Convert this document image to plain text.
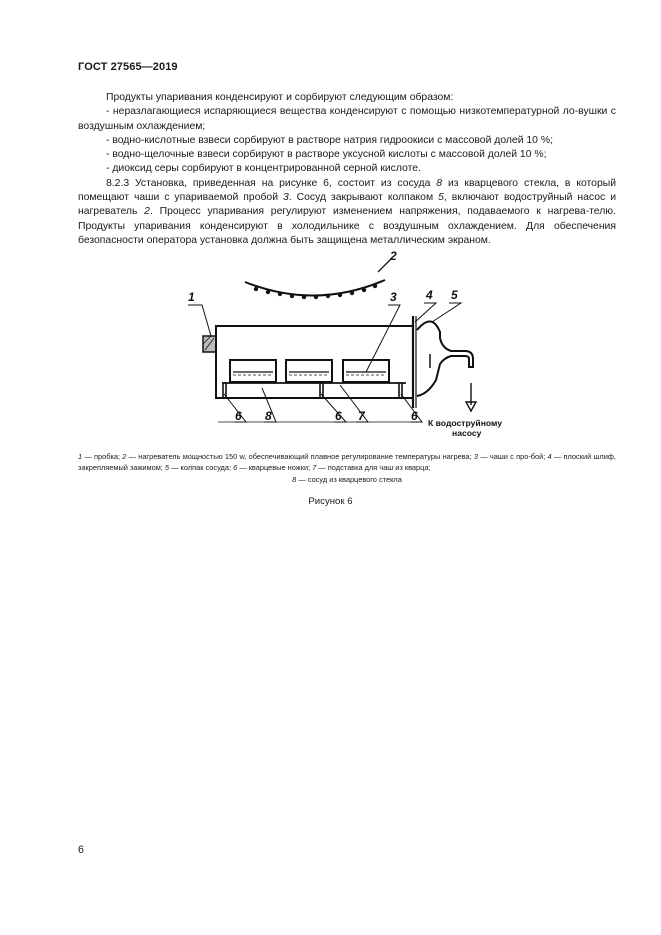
ГОСТ 27565—2019

Продукты упаривания конденсируют и сорбируют следующим образом:

- неразлагающиеся испаряющиеся вещества конденсируют с помощью низкотемпературной ло-вушки с воздушным охлаждением;

- водно-кислотные взвеси сорбируют в растворе натрия гидроокиси с массовой долей 10 %;

- водно-щелочные взвеси сорбируют в растворе уксусной кислоты с массовой долей 10 %;

- диоксид серы сорбируют в концентрированной серной кислоте.

8.2.3 Установка, приведенная на рисунке 6, состоит из сосуда 8 из кварцевого стекла, в который помещают чаши с упариваемой пробой 3. Сосуд закрывают колпаком 5, включают водоструйный насос и нагреватель 2. Процесс упаривания регулируют изменением напряжения, подаваемого к нагрева-телю. Продукты упаривания конденсируют в холодильнике с воздушным охлаждением. Для обеспечения безопасности оператора установка должна быть защищена металлическим экраном.

1
2
3 4 5
6 8	6 7	6 К водоструйному
насосу
1 — пробка; 2 — нагреватель мощностью 150 w, обеспечивающий плавное регулирование температуры нагрева; 3 — чаши с про-бой; 4 — плоский шлиф, закрепляемый зажимом; 5 — колпак сосуда; 6 — кварцевые ножки; 7 — подставка для чаш из кварца;
8 — сосуд из кварцевого стекла
Рисунок 6
6
